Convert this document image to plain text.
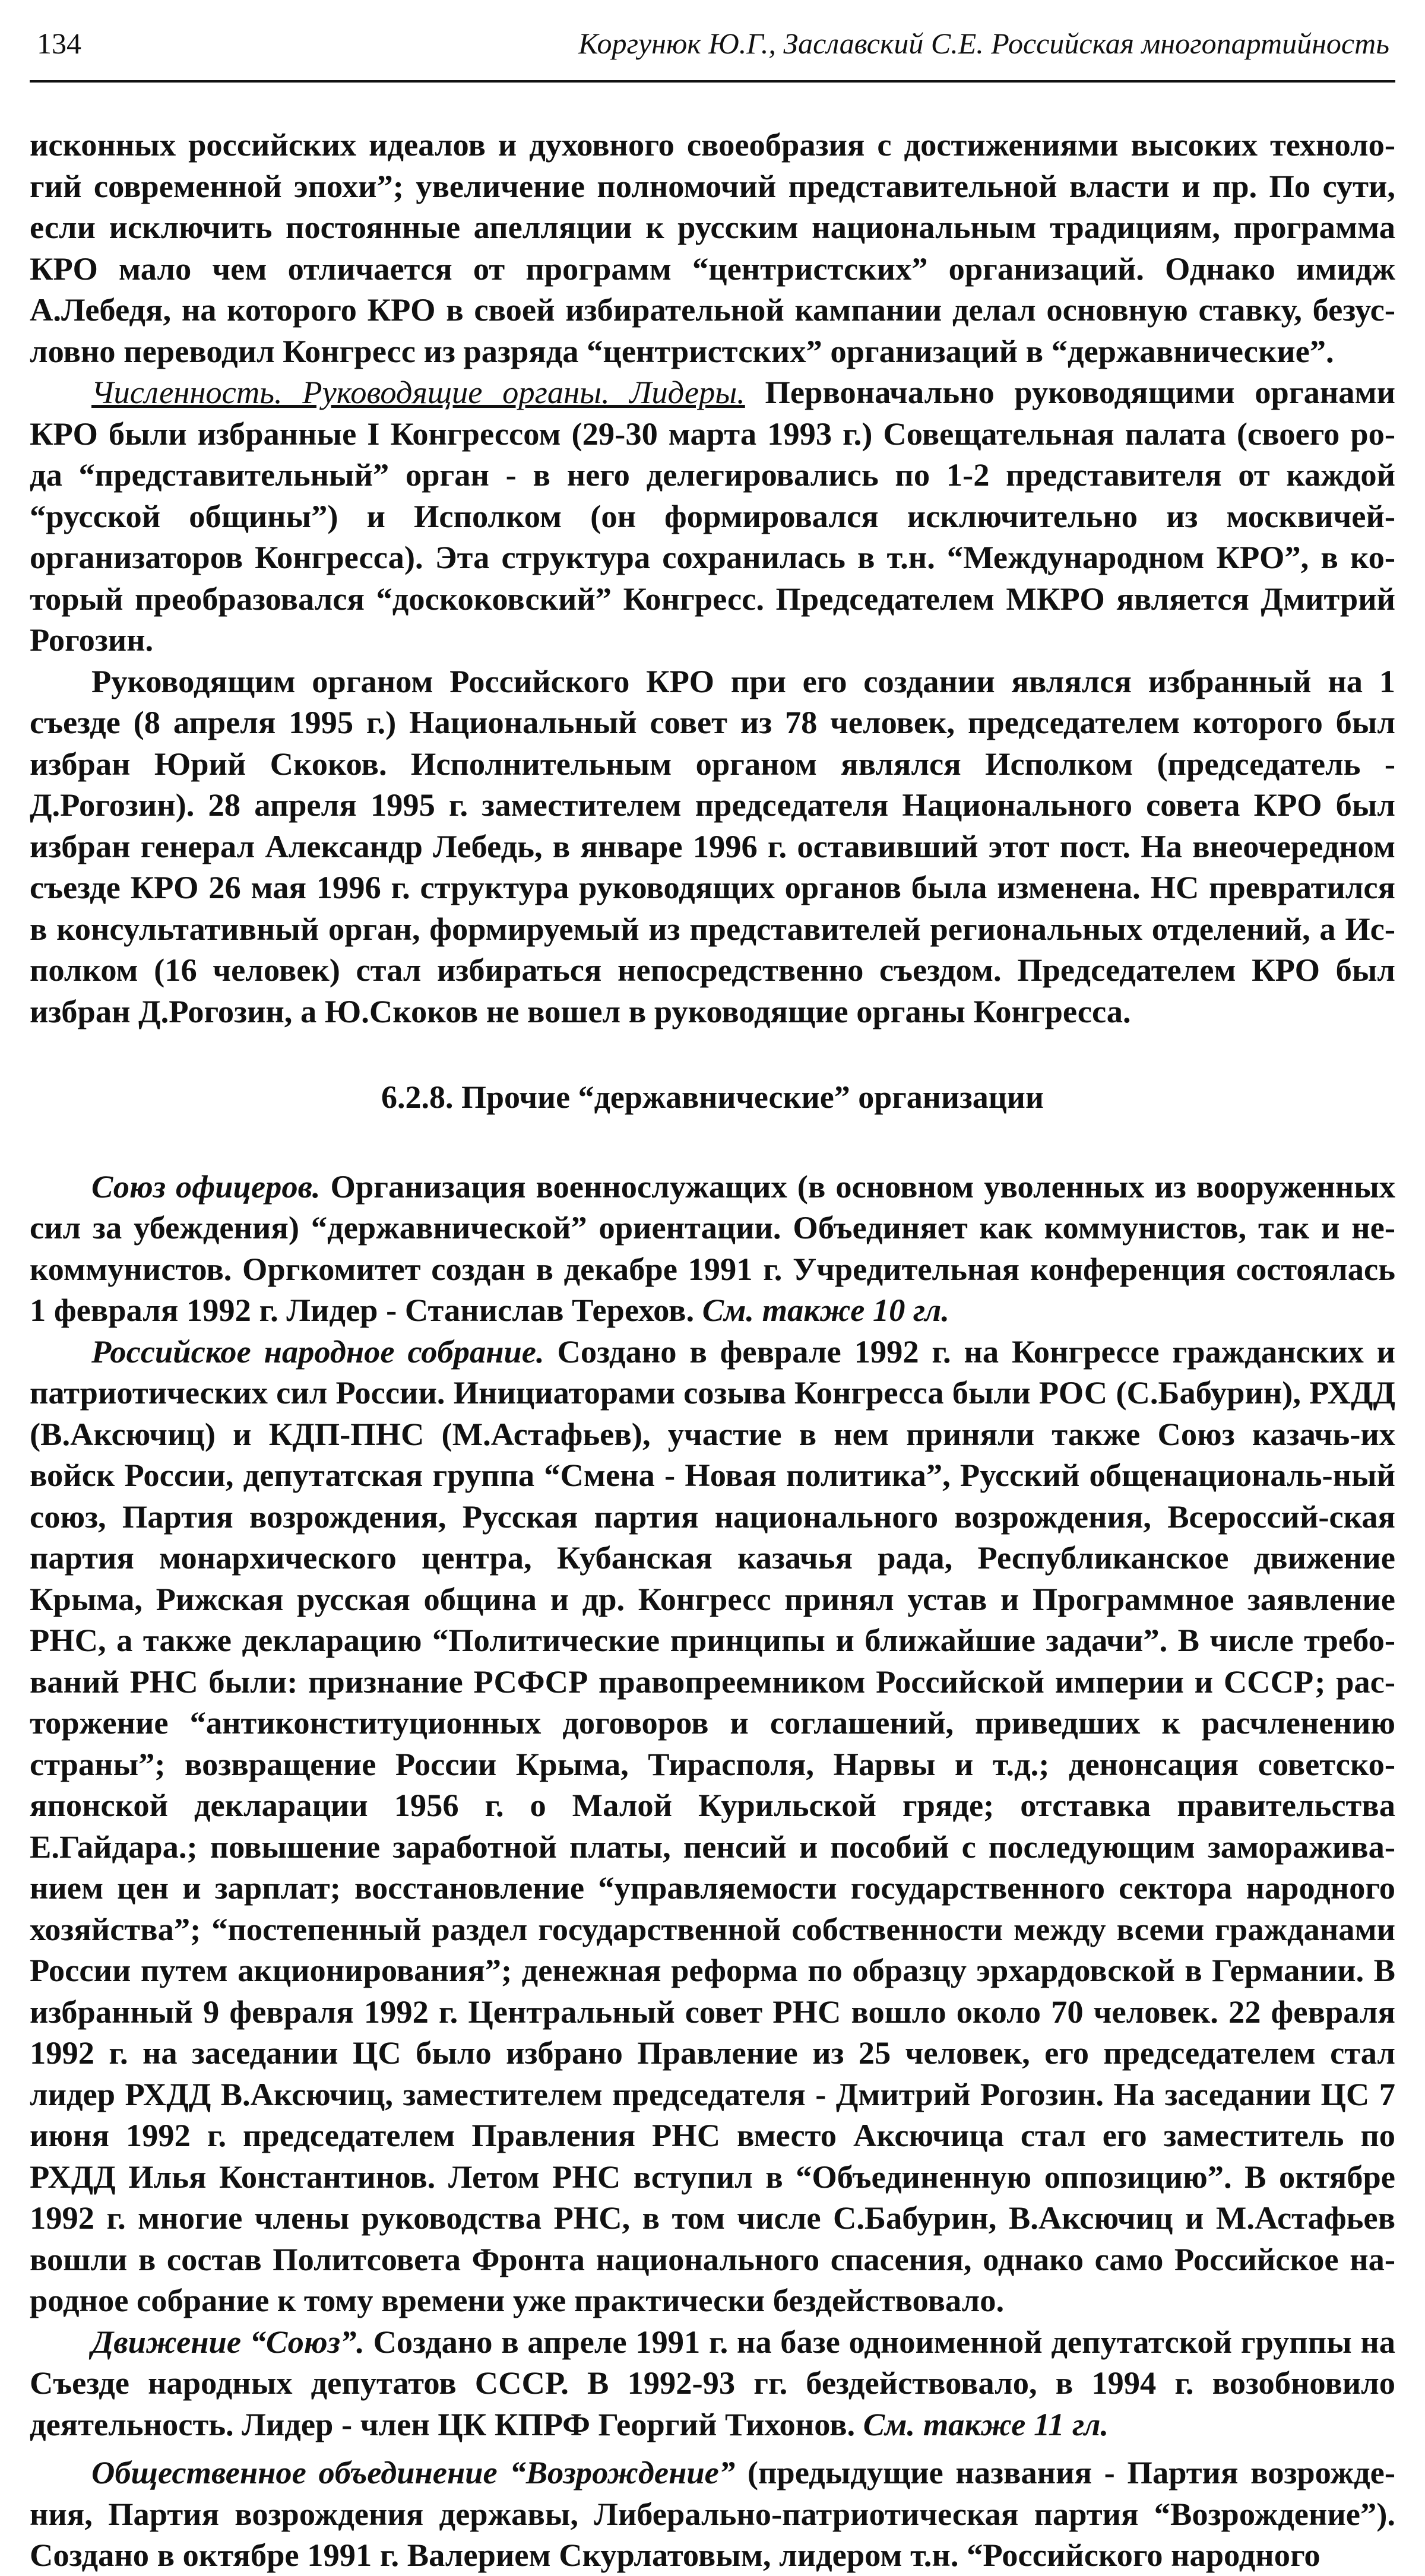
134	Коргунюк Ю.Г., Заславский С.Е. Российская многопартийность

исконных российских идеалов и духовного своеобразия с достижениями высоких техноло-гий современной эпохи”; увеличение полномочий представительной власти и пр. По сути, если исключить постоянные апелляции к русским национальным традициям, программа КРО мало чем отличается от программ “центристских” организаций. Однако имидж А.Лебедя, на которого КРО в своей избирательной кампании делал основную ставку, безус-ловно переводил Конгресс из разряда “центристских” организаций в “державнические”.

Численность. Руководящие органы. Лидеры. Первоначально руководящими органами КРО были избранные I Конгрессом (29-30 марта 1993 г.) Совещательная палата (своего ро-да “представительный” орган - в него делегировались по 1-2 представителя от каждой “русской общины”) и Исполком (он формировался исключительно из москвичей-организаторов Конгресса). Эта структура сохранилась в т.н. “Международном КРО”, в ко-торый преобразовался “доскоковский” Конгресс. Председателем МКРО является Дмитрий Рогозин.

Руководящим органом Российского КРО при его создании являлся избранный на 1 съезде (8 апреля 1995 г.) Национальный совет из 78 человек, председателем которого был избран Юрий Скоков. Исполнительным органом являлся Исполком (председатель - Д.Рогозин). 28 апреля 1995 г. заместителем председателя Национального совета КРО был избран генерал Александр Лебедь, в январе 1996 г. оставивший этот пост. На внеочередном съезде КРО 26 мая 1996 г. структура руководящих органов была изменена. НС превратился в консультативный орган, формируемый из представителей региональных отделений, а Ис-полком (16 человек) стал избираться непосредственно съездом. Председателем КРО был избран Д.Рогозин, а Ю.Скоков не вошел в руководящие органы Конгресса.

6.2.8. Прочие “державнические” организации

Союз офицеров. Организация военнослужащих (в основном уволенных из вооруженных сил за убеждения) “державнической” ориентации. Объединяет как коммунистов, так и не-коммунистов. Оргкомитет создан в декабре 1991 г. Учредительная конференция состоялась 1 февраля 1992 г. Лидер - Станислав Терехов. См. также 10 гл.

Российское народное собрание. Создано в феврале 1992 г. на Конгрессе гражданских и патриотических сил России. Инициаторами созыва Конгресса были РОС (С.Бабурин), РХДД (В.Аксючиц) и КДП-ПНС (М.Астафьев), участие в нем приняли также Союз казачь-их войск России, депутатская группа “Смена - Новая политика”, Русский общенациональ-ный союз, Партия возрождения, Русская партия национального возрождения, Всероссий-ская партия монархического центра, Кубанская казачья рада, Республиканское движение Крыма, Рижская русская община и др. Конгресс принял устав и Программное заявление РНС, а также декларацию “Политические принципы и ближайшие задачи”. В числе требо-ваний РНС были: признание РСФСР правопреемником Российской империи и СССР; рас-торжение “антиконституционных договоров и соглашений, приведших к расчленению страны”; возвращение России Крыма, Тирасполя, Нарвы и т.д.; денонсация советско-японской декларации 1956 г. о Малой Курильской гряде; отставка правительства Е.Гайдара.; повышение заработной платы, пенсий и пособий с последующим заморажива-нием цен и зарплат; восстановление “управляемости государственного сектора народного хозяйства”; “постепенный раздел государственной собственности между всеми гражданами России путем акционирования”; денежная реформа по образцу эрхардовской в Германии. В избранный 9 февраля 1992 г. Центральный совет РНС вошло около 70 человек. 22 февраля 1992 г. на заседании ЦС было избрано Правление из 25 человек, его председателем стал лидер РХДД В.Аксючиц, заместителем председателя - Дмитрий Рогозин. На заседании ЦС 7 июня 1992 г. председателем Правления РНС вместо Аксючица стал его заместитель по РХДД Илья Константинов. Летом РНС вступил в “Объединенную оппозицию”. В октябре 1992 г. многие члены руководства РНС, в том числе С.Бабурин, В.Аксючиц и М.Астафьев вошли в состав Политсовета Фронта национального спасения, однако само Российское на-родное собрание к тому времени уже практически бездействовало.

Движение “Союз”. Создано в апреле 1991 г. на базе одноименной депутатской группы на Съезде народных депутатов СССР. В 1992-93 гг. бездействовало, в 1994 г. возобновило деятельность. Лидер - член ЦК КПРФ Георгий Тихонов. См. также 11 гл.

Общественное объединение “Возрождение” (предыдущие названия - Партия возрожде-ния, Партия возрождения державы, Либерально-патриотическая партия “Возрождение”). Создано в октябре 1991 г. Валерием Скурлатовым, лидером т.н. “Российского народного
